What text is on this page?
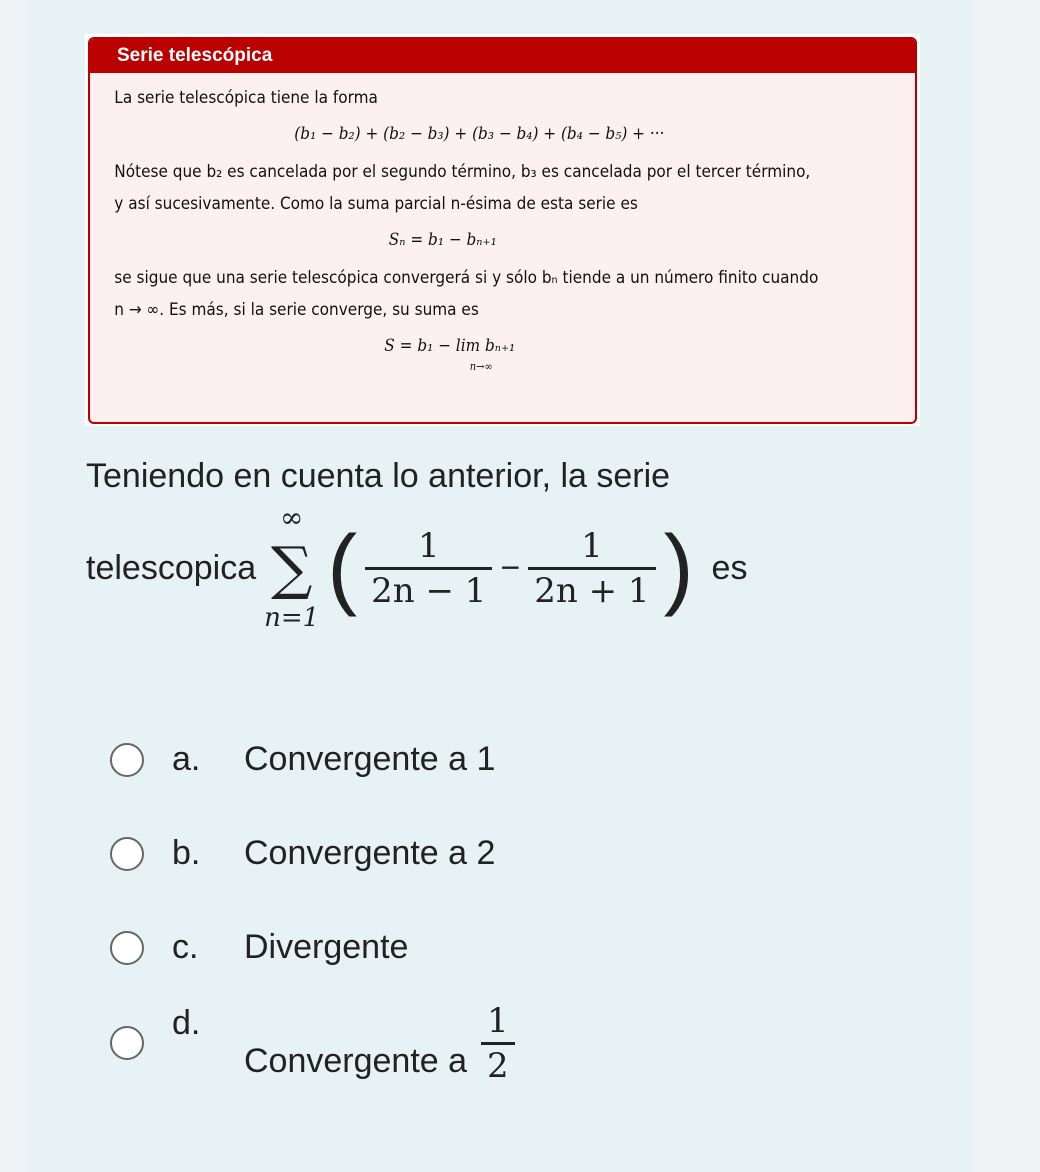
Serie telescópica

La serie telescópica tiene la forma

(b₁ − b₂) + (b₂ − b₃) + (b₃ − b₄) + (b₄ − b₅) + ···

Nótese que b₂ es cancelada por el segundo término, b₃ es cancelada por el tercer término,

y así sucesivamente. Como la suma parcial n-ésima de esta serie es

Sₙ = b₁ − bₙ₊₁

se sigue que una serie telescópica convergerá si y sólo bₙ tiende a un número finito cuando

n → ∞. Es más, si la serie converge, su suma es

S = b₁ − lim bₙ₊₁

n→∞

Teniendo en cuenta lo anterior, la serie
telescopica
∞
∑
n=1 ( $\frac{1}{2n - 1} - \frac{1}{2n + 1}$ ) es
a.	Convergente a 1
b.	Convergente a 2
c.	Divergente
d.
Convergente a $\frac{1}{2}$
